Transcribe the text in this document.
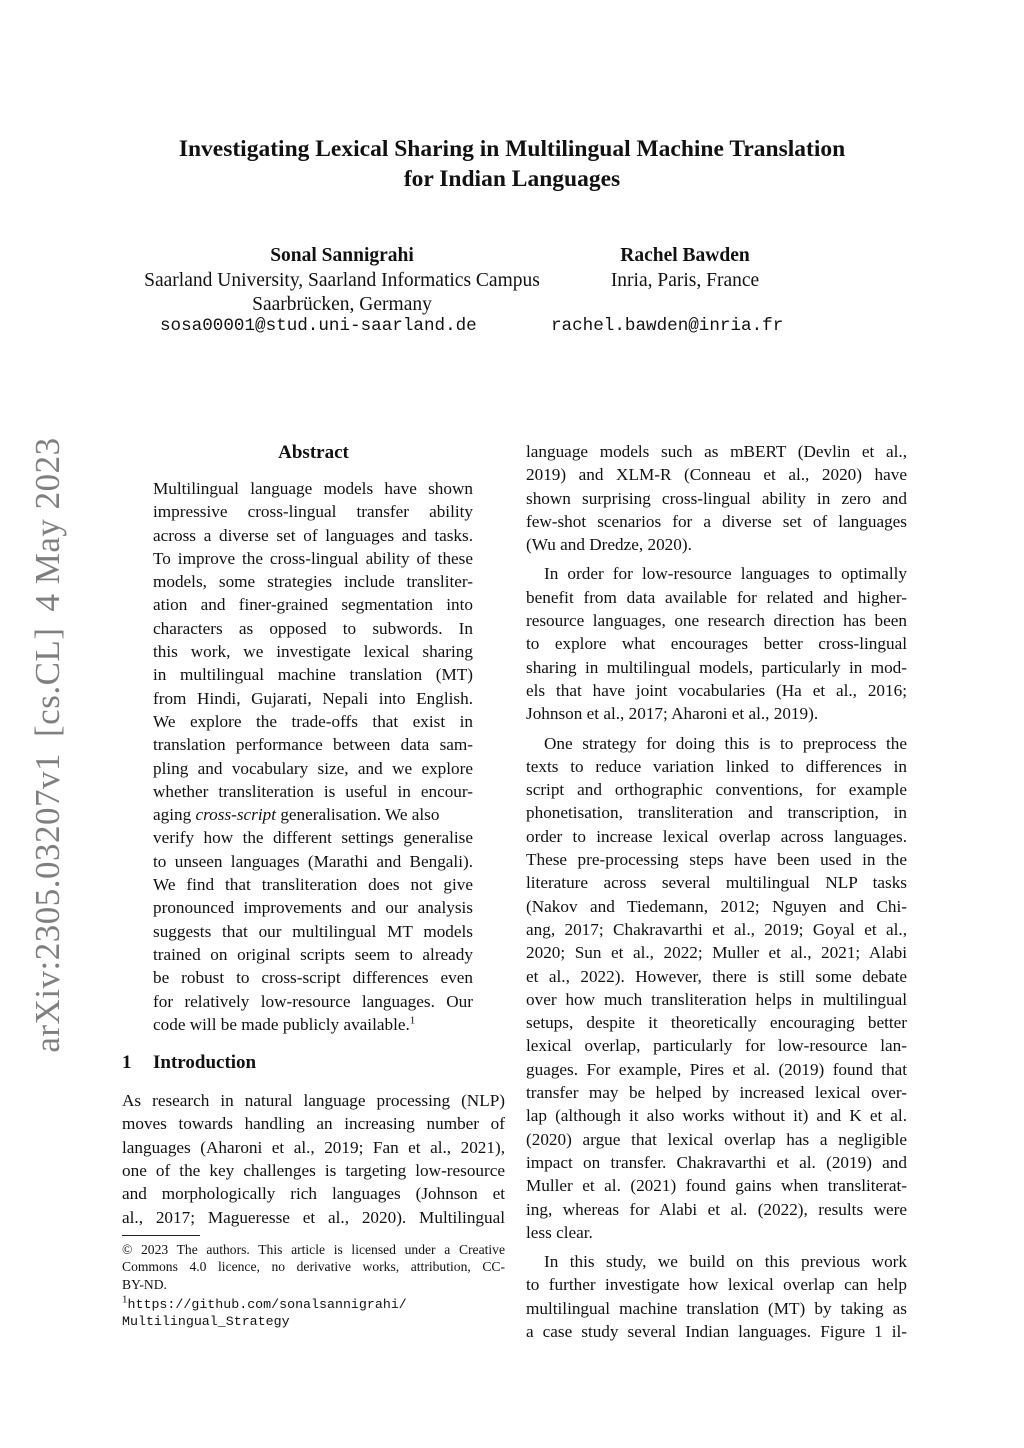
Investigating Lexical Sharing in Multilingual Machine Translation
for Indian Languages
Sonal Sannigrahi
Saarland University, Saarland Informatics Campus
Saarbrücken, Germany
Rachel Bawden
Inria, Paris, France
sosa00001@stud.uni-saarland.de	rachel.bawden@inria.fr
arXiv:2305.03207v1[cs.CL]4 May 2023	Abstract
Multilingual language models have shown
impressive cross-lingual transfer ability
across a diverse set of languages and tasks.
To improve the cross-lingual ability of these
models, some strategies include transliter-
ation and finer-grained segmentation into
characters as opposed to subwords. In
this work, we investigate lexical sharing
in multilingual machine translation (MT)
from Hindi, Gujarati, Nepali into English.
We explore the trade-offs that exist in
translation performance between data sam-
pling and vocabulary size, and we explore
whether transliteration is useful in encour-
aging cross-script generalisation. We also
verify how the different settings generalise
to unseen languages (Marathi and Bengali).
We find that transliteration does not give
pronounced improvements and our analysis
suggests that our multilingual MT models
trained on original scripts seem to already
be robust to cross-script differences even
for relatively low-resource languages. Our
code will be made publicly available.$^1$
1 Introduction
As research in natural language processing (NLP)
moves towards handling an increasing number of
languages (Aharoni et al., 2019; Fan et al., 2021),
one of the key challenges is targeting low-resource
and morphologically rich languages (Johnson et
al., 2017; Magueresse et al., 2020). Multilingual
© 2023 The authors. This article is licensed under a Creative
Commons 4.0 licence, no derivative works, attribution, CC-
BY-ND.
$^1$https://github.com/sonalsannigrahi/
Multilingual_Strategy
language models such as mBERT (Devlin et al.,
2019) and XLM-R (Conneau et al., 2020) have
shown surprising cross-lingual ability in zero and
few-shot scenarios for a diverse set of languages
(Wu and Dredze, 2020).
In order for low-resource languages to optimally
benefit from data available for related and higher-
resource languages, one research direction has been
to explore what encourages better cross-lingual
sharing in multilingual models, particularly in mod-
els that have joint vocabularies (Ha et al., 2016;
Johnson et al., 2017; Aharoni et al., 2019).
One strategy for doing this is to preprocess the
texts to reduce variation linked to differences in
script and orthographic conventions, for example
phonetisation, transliteration and transcription, in
order to increase lexical overlap across languages.
These pre-processing steps have been used in the
literature across several multilingual NLP tasks
(Nakov and Tiedemann, 2012; Nguyen and Chi-
ang, 2017; Chakravarthi et al., 2019; Goyal et al.,
2020; Sun et al., 2022; Muller et al., 2021; Alabi
et al., 2022). However, there is still some debate
over how much transliteration helps in multilingual
setups, despite it theoretically encouraging better
lexical overlap, particularly for low-resource lan-
guages. For example, Pires et al. (2019) found that
transfer may be helped by increased lexical over-
lap (although it also works without it) and K et al.
(2020) argue that lexical overlap has a negligible
impact on transfer. Chakravarthi et al. (2019) and
Muller et al. (2021) found gains when transliterat-
ing, whereas for Alabi et al. (2022), results were
less clear.
In this study, we build on this previous work
to further investigate how lexical overlap can help
multilingual machine translation (MT) by taking as
a case study several Indian languages. Figure 1 il-
